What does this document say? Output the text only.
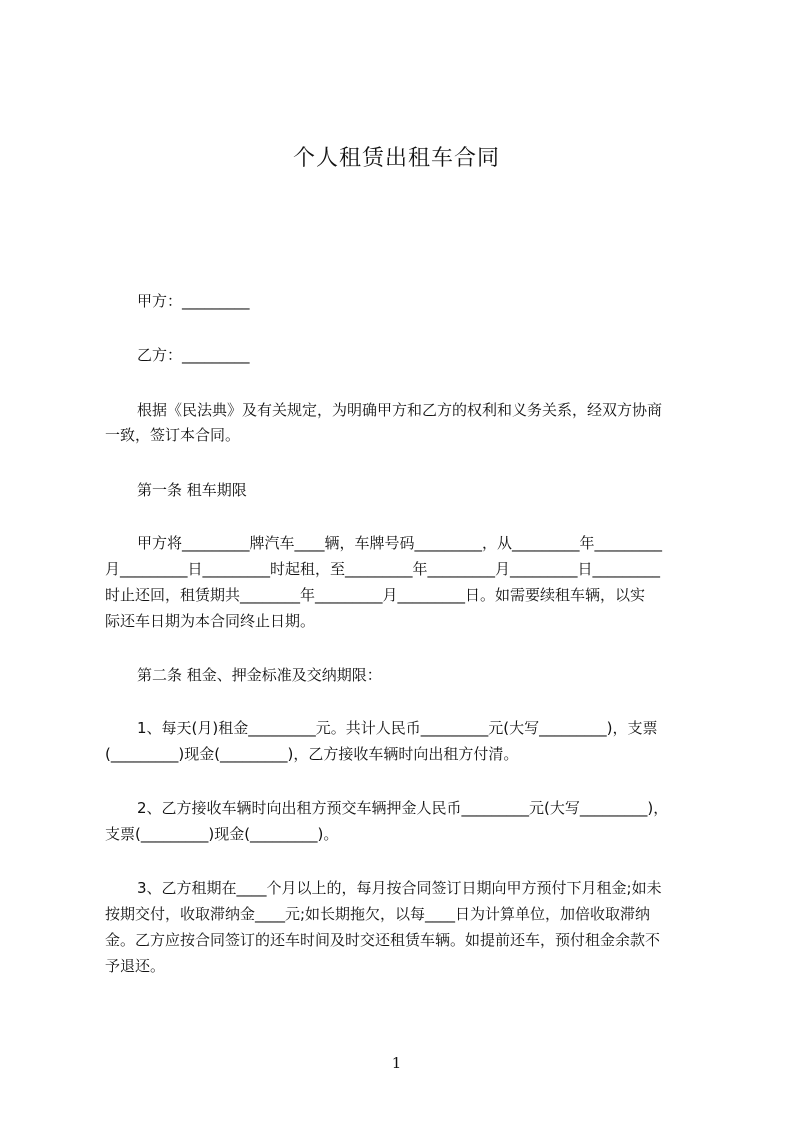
个人租赁出租车合同
甲方：_________
乙方：_________
根据《民法典》及有关规定，为明确甲方和乙方的权利和义务关系，经双方协商
一致，签订本合同。
第一条 租车期限
甲方将_________牌汽车____辆，车牌号码_________，从_________年_________
月_________日_________时起租，至_________年_________月_________日_________
时止还回，租赁期共________年_________月_________日。如需要续租车辆，以实
际还车日期为本合同终止日期。
第二条 租金、押金标准及交纳期限：
1、每天(月)租金_________元。共计人民币_________元(大写_________)，支票
(_________)现金(_________)，乙方接收车辆时向出租方付清。
2、乙方接收车辆时向出租方预交车辆押金人民币_________元(大写_________)，
支票(_________)现金(_________)。
3、乙方租期在____个月以上的，每月按合同签订日期向甲方预付下月租金;如未
按期交付，收取滞纳金____元;如长期拖欠，以每____日为计算单位，加倍收取滞纳
金。乙方应按合同签订的还车时间及时交还租赁车辆。如提前还车，预付租金余款不
予退还。
1
